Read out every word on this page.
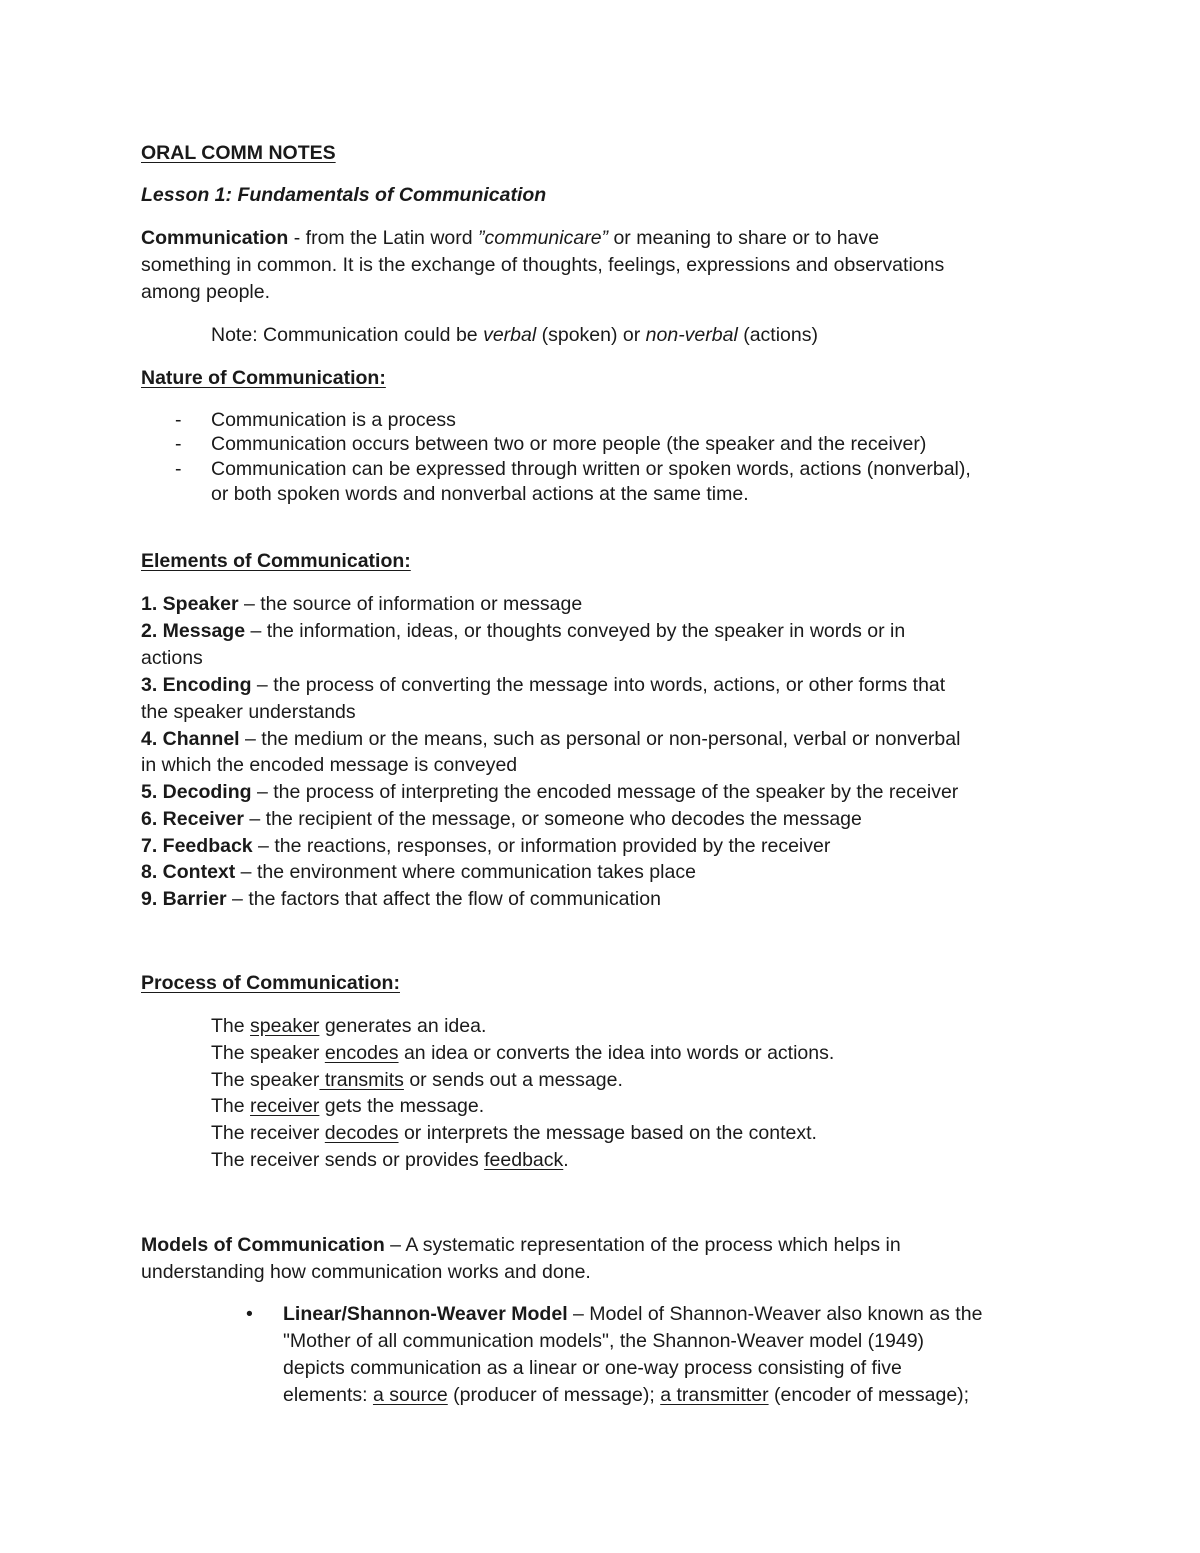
ORAL COMM NOTES
Lesson 1: Fundamentals of Communication
Communication - from the Latin word ”communicare” or meaning to share or to have
something in common. It is the exchange of thoughts, feelings, expressions and observations
among people.
Note: Communication could be verbal (spoken) or non-verbal (actions)
Nature of Communication:
- Communication is a process
- Communication occurs between two or more people (the speaker and the receiver)
- Communication can be expressed through written or spoken words, actions (nonverbal),
or both spoken words and nonverbal actions at the same time.
Elements of Communication:
1. Speaker – the source of information or message
2. Message – the information, ideas, or thoughts conveyed by the speaker in words or in
actions
3. Encoding – the process of converting the message into words, actions, or other forms that
the speaker understands
4. Channel – the medium or the means, such as personal or non-personal, verbal or nonverbal
in which the encoded message is conveyed
5. Decoding – the process of interpreting the encoded message of the speaker by the receiver
6. Receiver – the recipient of the message, or someone who decodes the message
7. Feedback – the reactions, responses, or information provided by the receiver
8. Context – the environment where communication takes place
9. Barrier – the factors that affect the flow of communication
Process of Communication:
The speaker generates an idea.
The speaker encodes an idea or converts the idea into words or actions.
The speaker transmits or sends out a message.
The receiver gets the message.
The receiver decodes or interprets the message based on the context.
The receiver sends or provides feedback.
Models of Communication – A systematic representation of the process which helps in
understanding how communication works and done.
• Linear/Shannon-Weaver Model – Model of Shannon-Weaver also known as the
"Mother of all communication models", the Shannon-Weaver model (1949)
depicts communication as a linear or one-way process consisting of five
elements: a source (producer of message); a transmitter (encoder of message);
